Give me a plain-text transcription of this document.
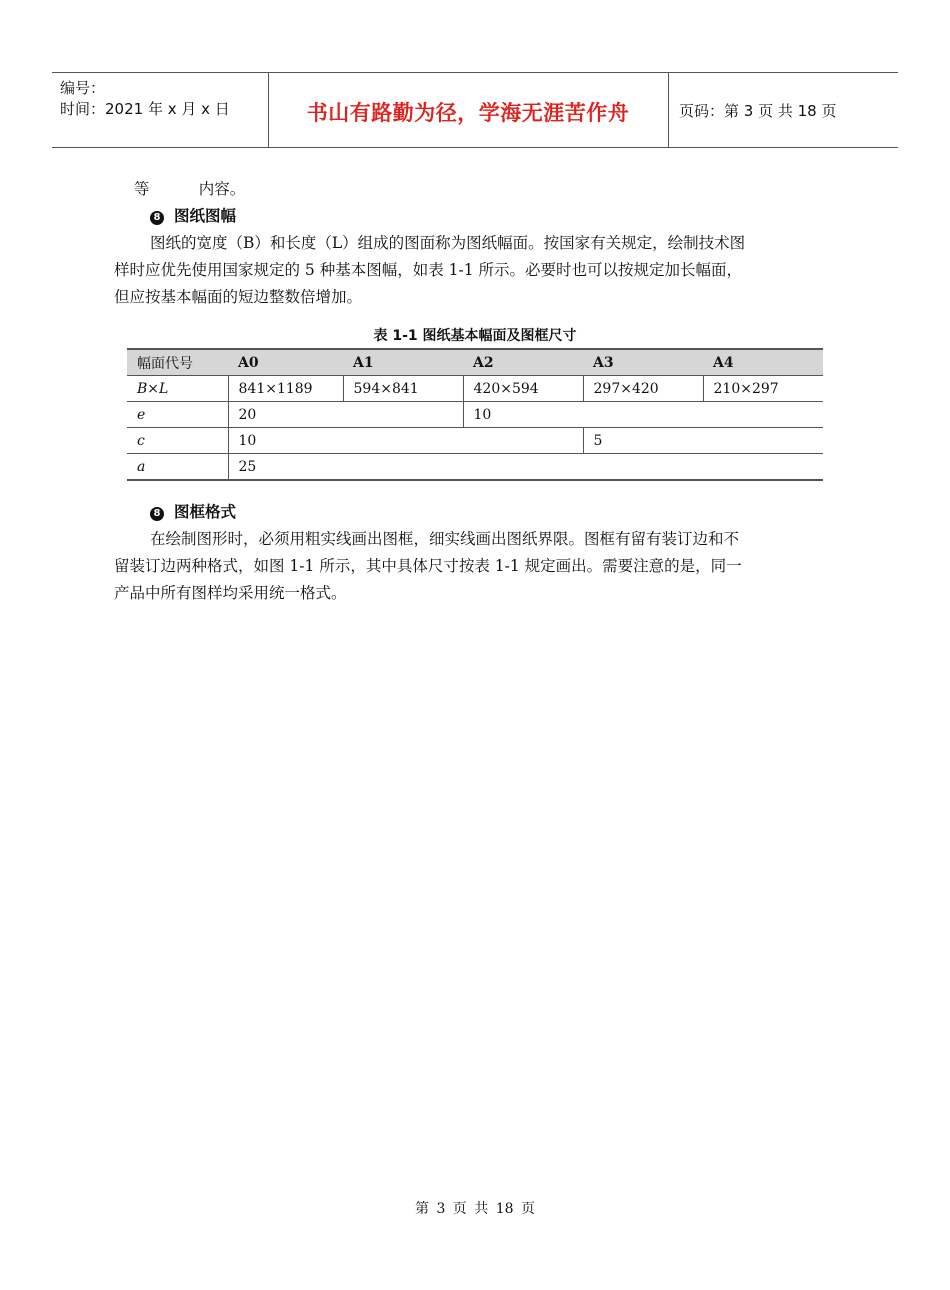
编号：
时间：2021 年 x 月 x 日	书山有路勤为径，学海无涯苦作舟	页码：第 3 页 共 18 页
等          内容。
8 图纸图幅
图纸的宽度（B）和长度（L）组成的图面称为图纸幅面。按国家有关规定，绘制技术图
样时应优先使用国家规定的 5 种基本图幅，如表 1-1 所示。必要时也可以按规定加长幅面，
但应按基本幅面的短边整数倍增加。
表 1-1 图纸基本幅面及图框尺寸
幅面代号	A0	A1	A2	A3	A4
B×L	841×1189	594×841	420×594	297×420	210×297
e	20		10		
c	10			5	
a	25				
8 图框格式
在绘制图形时，必须用粗实线画出图框，细实线画出图纸界限。图框有留有装订边和不
留装订边两种格式，如图 1-1 所示，其中具体尺寸按表 1-1 规定画出。需要注意的是，同一
产品中所有图样均采用统一格式。
第 3 页 共 18 页
